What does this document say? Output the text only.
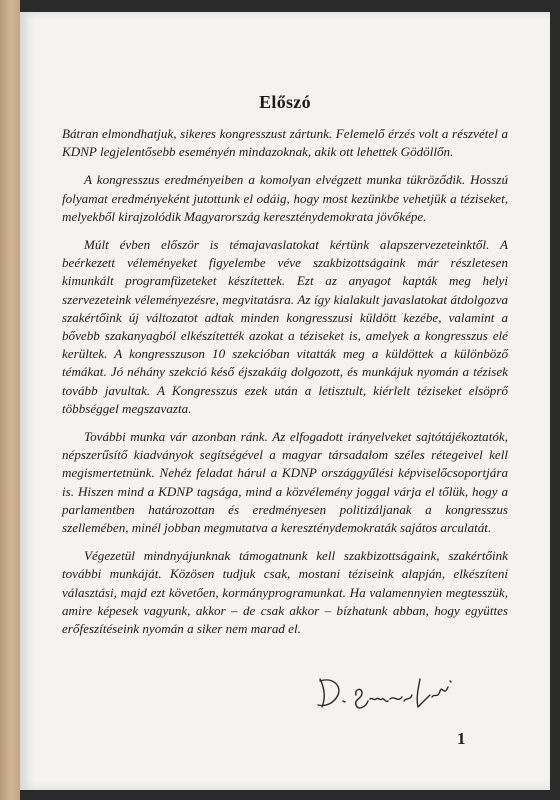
Előszó

Bátran elmondhatjuk, sikeres kongresszust zártunk. Felemelő érzés volt a részvétel a KDNP legjelentősebb eseményén mindazoknak, akik ott lehettek Gödöllőn.

A kongresszus eredményeiben a komolyan elvégzett munka tükröződik. Hosszú folyamat eredményeként jutottunk el odáig, hogy most kezünkbe vehetjük a téziseket, melyekből kirajzolódik Magyarország kereszténydemokrata jövőképe.

Múlt évben először is témajavaslatokat kértünk alapszervezeteinktől. A beérkezett véleményeket figyelembe véve szakbizottságaink már részletesen kimunkált programfüzeteket készítettek. Ezt az anyagot kapták meg helyi szervezeteink véleményezésre, megvitatásra. Az így kialakult javaslatokat átdolgozva szakértőink új változatot adtak minden kongresszusi küldött kezébe, valamint a bővebb szakanyagból elkészítették azokat a téziseket is, amelyek a kongresszus elé kerültek. A kongresszuson 10 szekcióban vitatták meg a küldöttek a különböző témákat. Jó néhány szekció késő éjszakáig dolgozott, és munkájuk nyomán a tézisek tovább javultak. A Kongresszus ezek után a letisztult, kiérlelt téziseket elsöprő többséggel megszavazta.

További munka vár azonban ránk. Az elfogadott irányelveket sajtótájékoztatók, népszerűsítő kiadványok segítségével a magyar társadalom széles rétegeivel kell megismertetnünk. Nehéz feladat hárul a KDNP országgyűlési képviselőcsoportjára is. Hiszen mind a KDNP tagsága, mind a közvélemény joggal várja el tőlük, hogy a parlamentben határozottan és eredményesen politizáljanak a kongresszus szellemében, minél jobban megmutatva a kereszténydemokraták sajátos arculatát.

Végezetül mindnyájunknak támogatnunk kell szakbizottságaink, szakértőink további munkáját. Közösen tudjuk csak, mostani téziseink alapján, elkészíteni választási, majd ezt követően, kormányprogramunkat. Ha valamennyien megtesszük, amire képesek vagyunk, akkor – de csak akkor – bízhatunk abban, hogy együttes erőfeszítéseink nyomán a siker nem marad el.

1
